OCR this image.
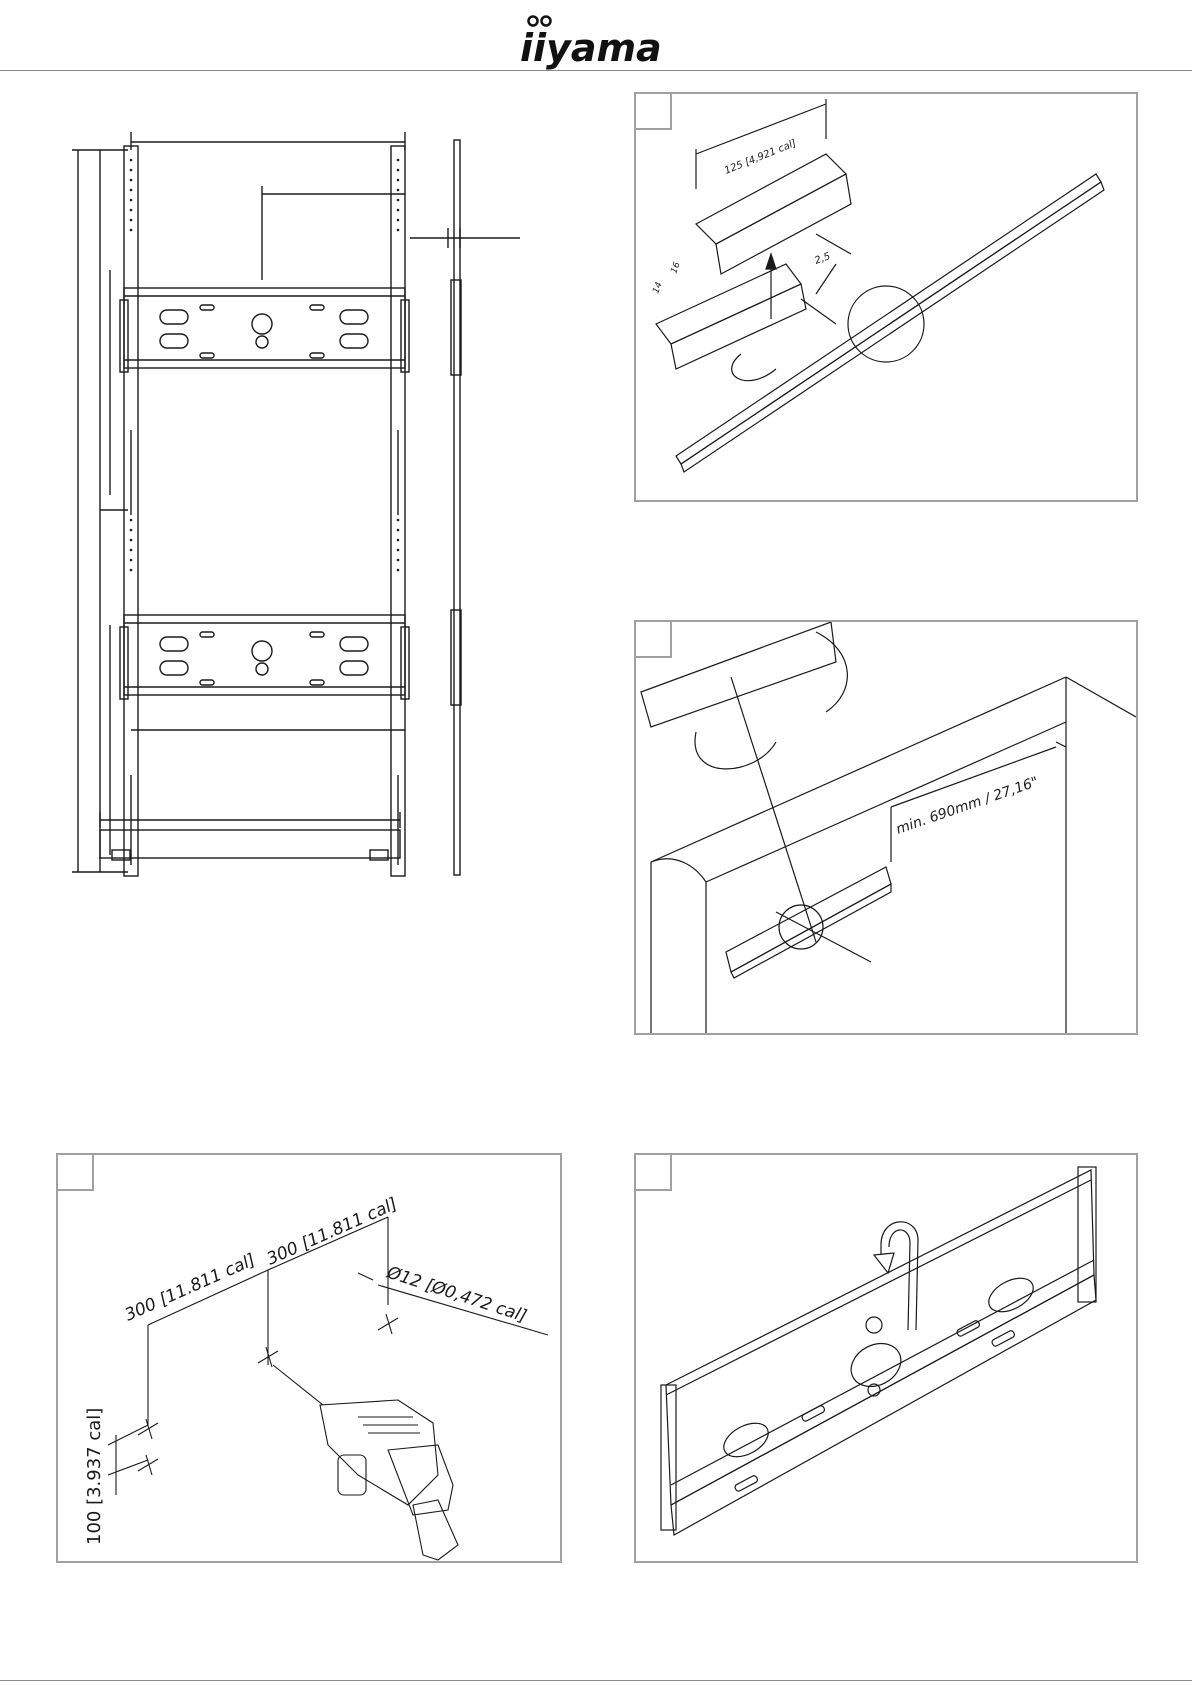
iiyama
125 [4,921 cal]
14
16
2,5
min. 690mm / 27,16"
300 [11.811 cal]
300 [11.811 cal]
Ø12 [Ø0,472 cal]
100 [3.937 cal]
